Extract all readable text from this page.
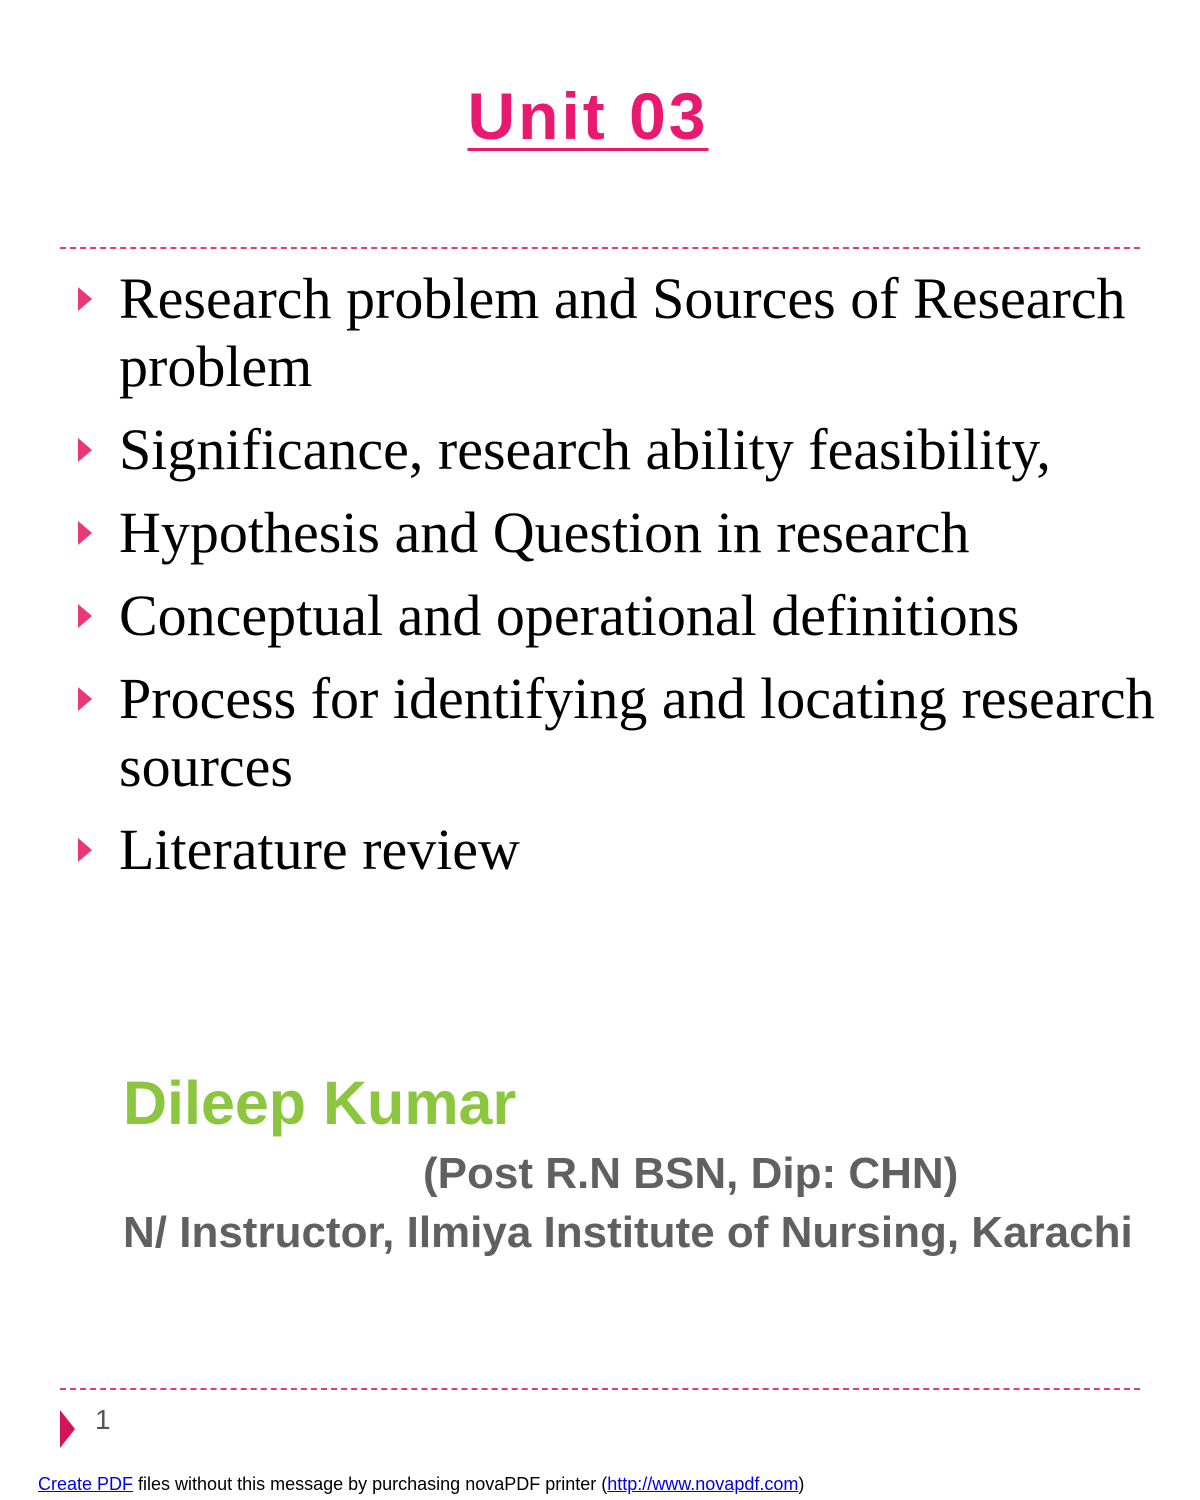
Unit 03
Research problem and Sources of Research problem
Significance, research ability feasibility,
Hypothesis and Question in research
Conceptual and operational definitions
Process for identifying and locating research sources
Literature review

Dileep Kumar

(Post R.N BSN, Dip: CHN)

N/ Instructor, Ilmiya Institute of Nursing, Karachi

1
Create PDF files without this message by purchasing novaPDF printer (http://www.novapdf.com)
